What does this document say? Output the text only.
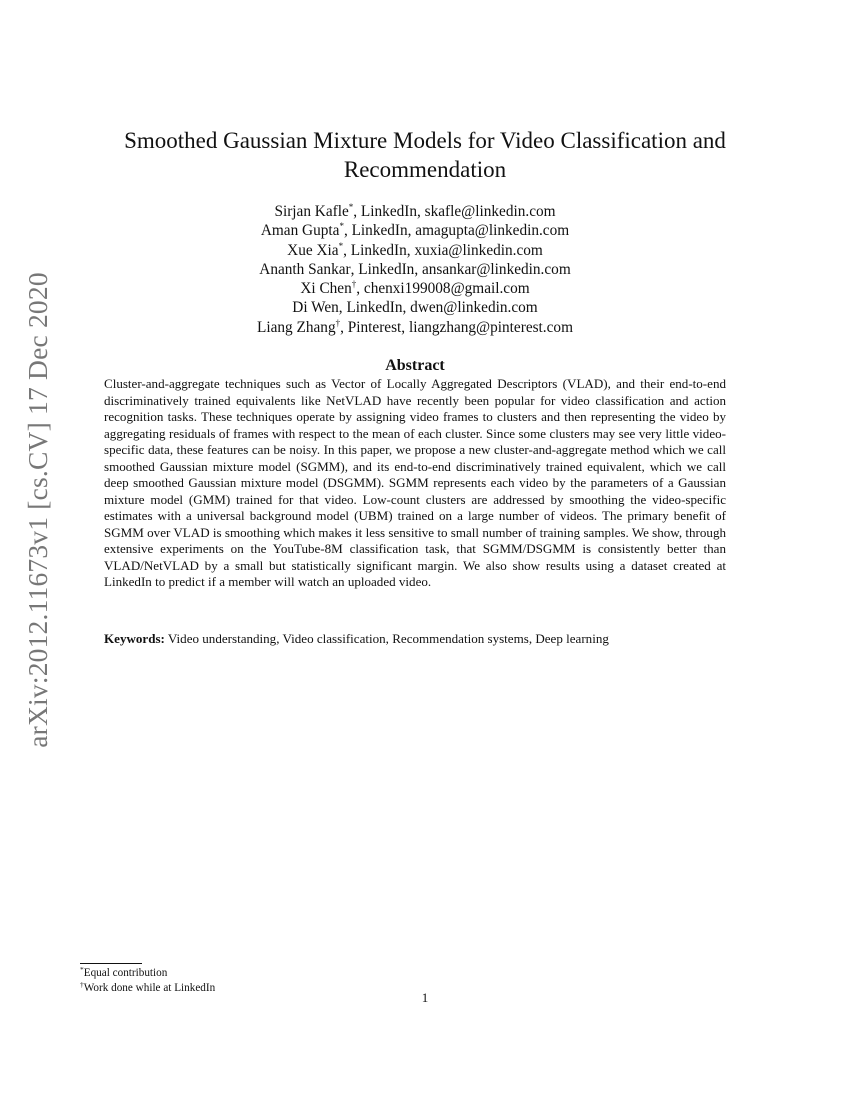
arXiv:2012.11673v1 [cs.CV] 17 Dec 2020
Smoothed Gaussian Mixture Models for Video Classification and Recommendation
Sirjan Kafle*, LinkedIn, skafle@linkedin.com
Aman Gupta*, LinkedIn, amagupta@linkedin.com
Xue Xia*, LinkedIn, xuxia@linkedin.com
Ananth Sankar, LinkedIn, ansankar@linkedin.com
Xi Chen†, chenxi199008@gmail.com
Di Wen, LinkedIn, dwen@linkedin.com
Liang Zhang†, Pinterest, liangzhang@pinterest.com
Abstract
Cluster-and-aggregate techniques such as Vector of Locally Aggregated Descriptors (VLAD), and their end-to-end discriminatively trained equivalents like NetVLAD have recently been popular for video classification and action recognition tasks. These techniques operate by assigning video frames to clusters and then representing the video by aggregating residuals of frames with respect to the mean of each cluster. Since some clusters may see very little video-specific data, these features can be noisy. In this paper, we propose a new cluster-and-aggregate method which we call smoothed Gaussian mixture model (SGMM), and its end-to-end discriminatively trained equivalent, which we call deep smoothed Gaussian mixture model (DSGMM). SGMM represents each video by the parameters of a Gaussian mixture model (GMM) trained for that video. Low-count clusters are addressed by smoothing the video-specific estimates with a universal background model (UBM) trained on a large number of videos. The primary benefit of SGMM over VLAD is smoothing which makes it less sensitive to small number of training samples. We show, through extensive experiments on the YouTube-8M classification task, that SGMM/DSGMM is consistently better than VLAD/NetVLAD by a small but statistically significant margin. We also show results using a dataset created at LinkedIn to predict if a member will watch an uploaded video.
Keywords: Video understanding, Video classification, Recommendation systems, Deep learning
*Equal contribution
†Work done while at LinkedIn
1
